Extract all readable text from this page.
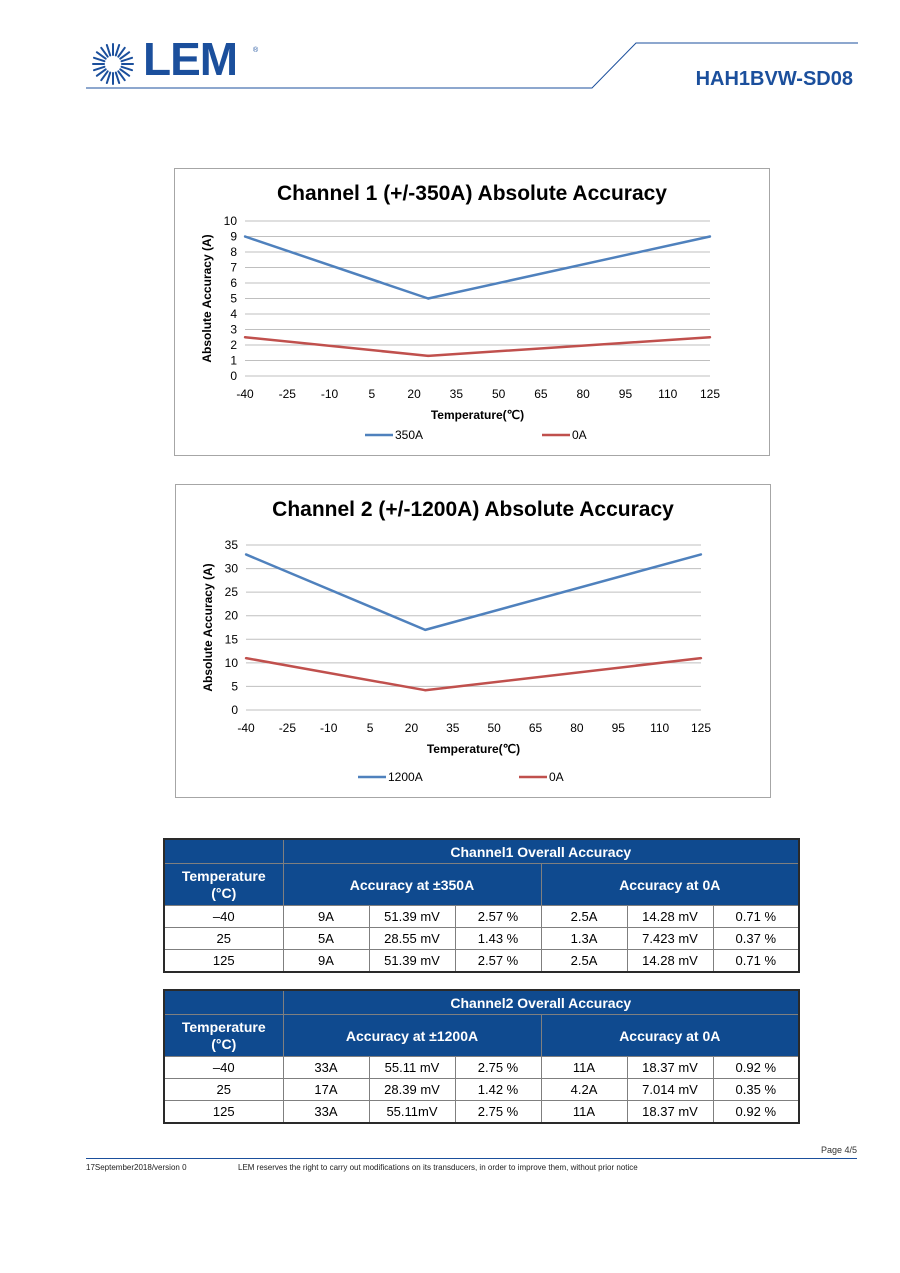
LEM ®
HAH1BVW-SD08
Channel 1 (+/-350A) Absolute Accuracy
0
1
2
3
4
5
6
7
8
9
10
-40 -25 -10	5	20 35 50 65 80 95 110 125
Temperature(℃)
Absolute Accuracy (A)
350A	0A
Channel 2 (+/-1200A) Absolute Accuracy
0
5
10
15
20
25
30
35
-40 -25 -10 5	20 35 50 65 80 95 110 125
Temperature(℃)
Absolute Accuracy (A)
1200A	0A
	Channel1 Overall Accuracy					
Temperature
(°C)	Accuracy at ±350A			Accuracy at 0A		
–40	9A	51.39 mV	2.57 %	2.5A	14.28 mV	0.71 %
25	5A	28.55 mV	1.43 %	1.3A	7.423 mV	0.37 %
125	9A	51.39 mV	2.57 %	2.5A	14.28 mV	0.71 %
	Channel2 Overall Accuracy					
Temperature
(°C)	Accuracy at ±1200A			Accuracy at 0A		
–40	33A	55.11 mV	2.75 %	11A	18.37 mV	0.92 %
25	17A	28.39 mV	1.42 %	4.2A	7.014 mV	0.35 %
125	33A	55.11mV	2.75 %	11A	18.37 mV	0.92 %
Page 4/5
17September2018/version 0	LEM reserves the right to carry out modifications on its transducers, in order to improve them, without prior notice
